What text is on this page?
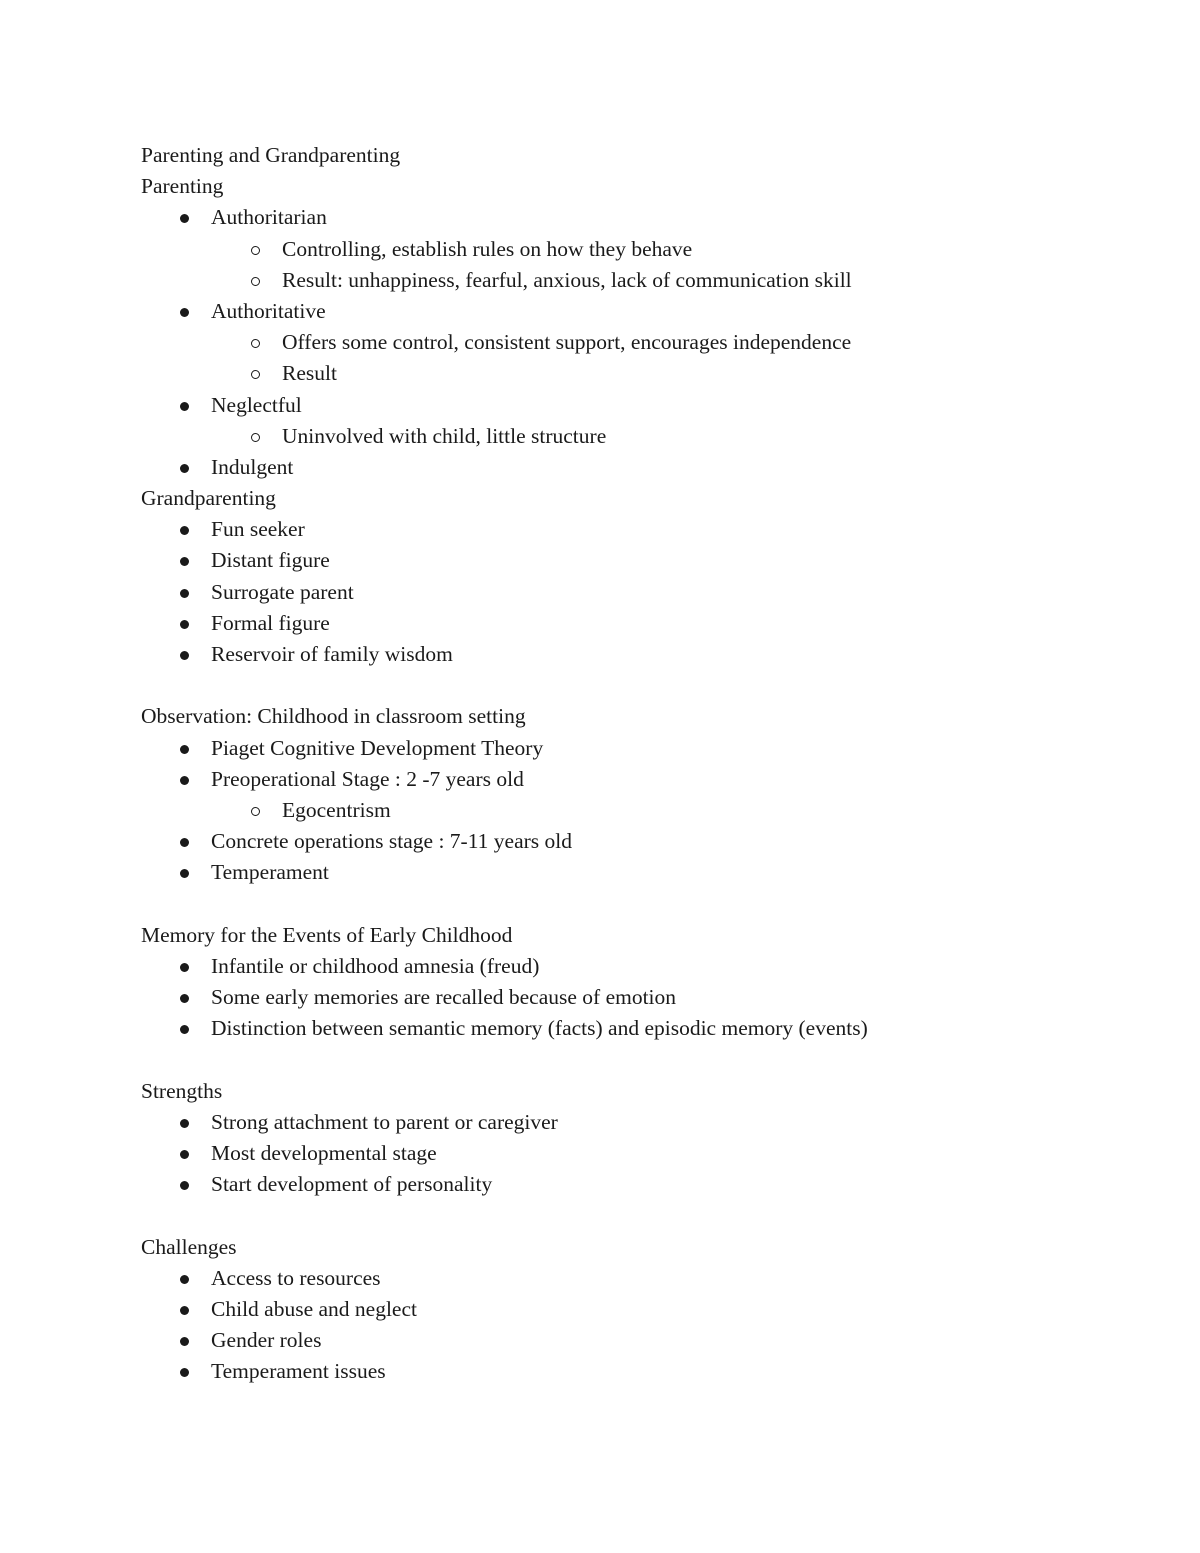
Parenting and Grandparenting
Parenting
Authoritarian
Controlling, establish rules on how they behave
Result: unhappiness, fearful, anxious, lack of communication skill
Authoritative
Offers some control, consistent support, encourages independence
Result
Neglectful
Uninvolved with child, little structure
Indulgent
Grandparenting
Fun seeker
Distant figure
Surrogate parent
Formal figure
Reservoir of family wisdom
Observation: Childhood in classroom setting
Piaget Cognitive Development Theory
Preoperational Stage : 2 -7 years old
Egocentrism
Concrete operations stage : 7-11 years old
Temperament
Memory for the Events of Early Childhood
Infantile or childhood amnesia (freud)
Some early memories are recalled because of emotion
Distinction between semantic memory (facts) and episodic memory (events)
Strengths
Strong attachment to parent or caregiver
Most developmental stage
Start development of personality
Challenges
Access to resources
Child abuse and neglect
Gender roles
Temperament issues
